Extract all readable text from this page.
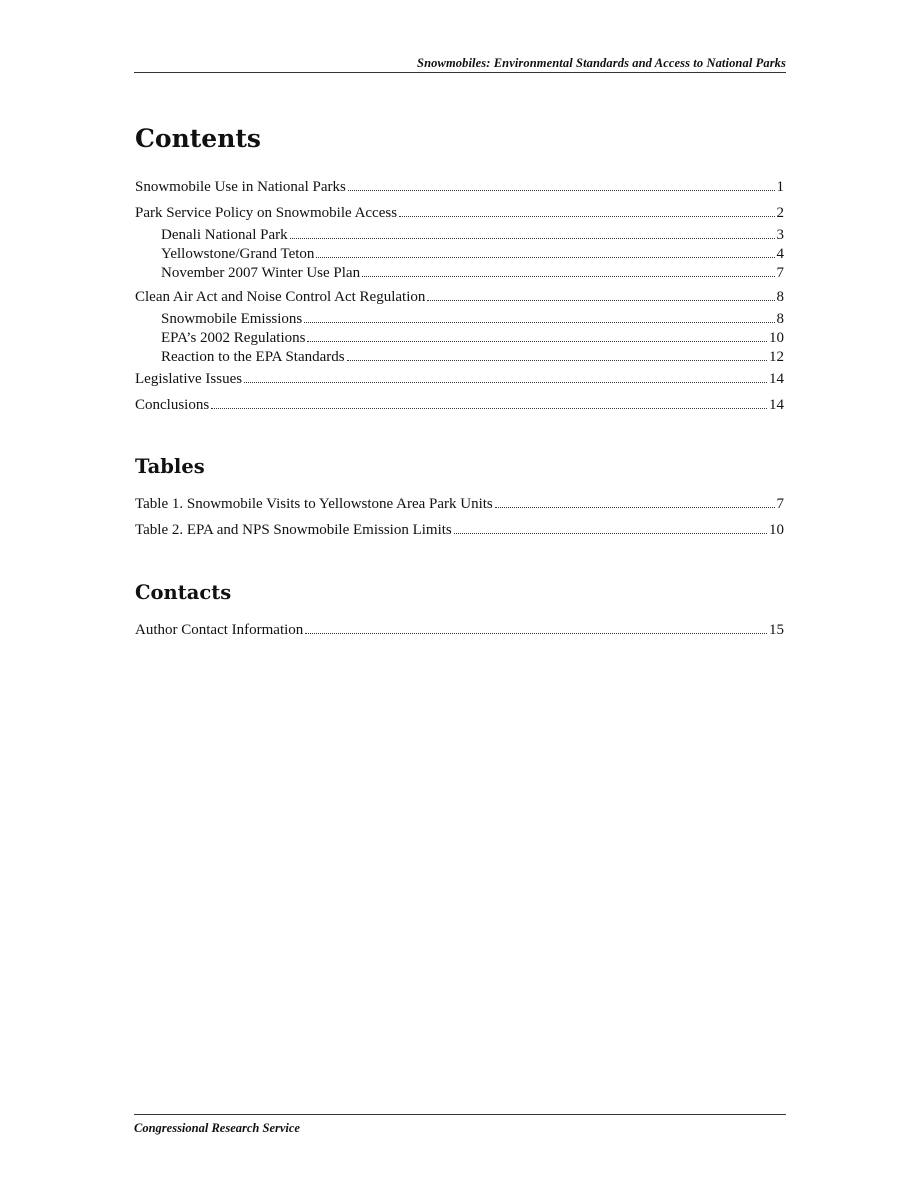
Snowmobiles: Environmental Standards and Access to National Parks
Contents
Snowmobile Use in National Parks	1
Park Service Policy on Snowmobile Access	2
Denali National Park	3
Yellowstone/Grand Teton	4
November 2007 Winter Use Plan	7
Clean Air Act and Noise Control Act Regulation	8
Snowmobile Emissions	8
EPA’s 2002 Regulations	10
Reaction to the EPA Standards	12
Legislative Issues	14
Conclusions	14
Tables
Table 1. Snowmobile Visits to Yellowstone Area Park Units	7
Table 2. EPA and NPS Snowmobile Emission Limits	10
Contacts
Author Contact Information	15
Congressional Research Service
